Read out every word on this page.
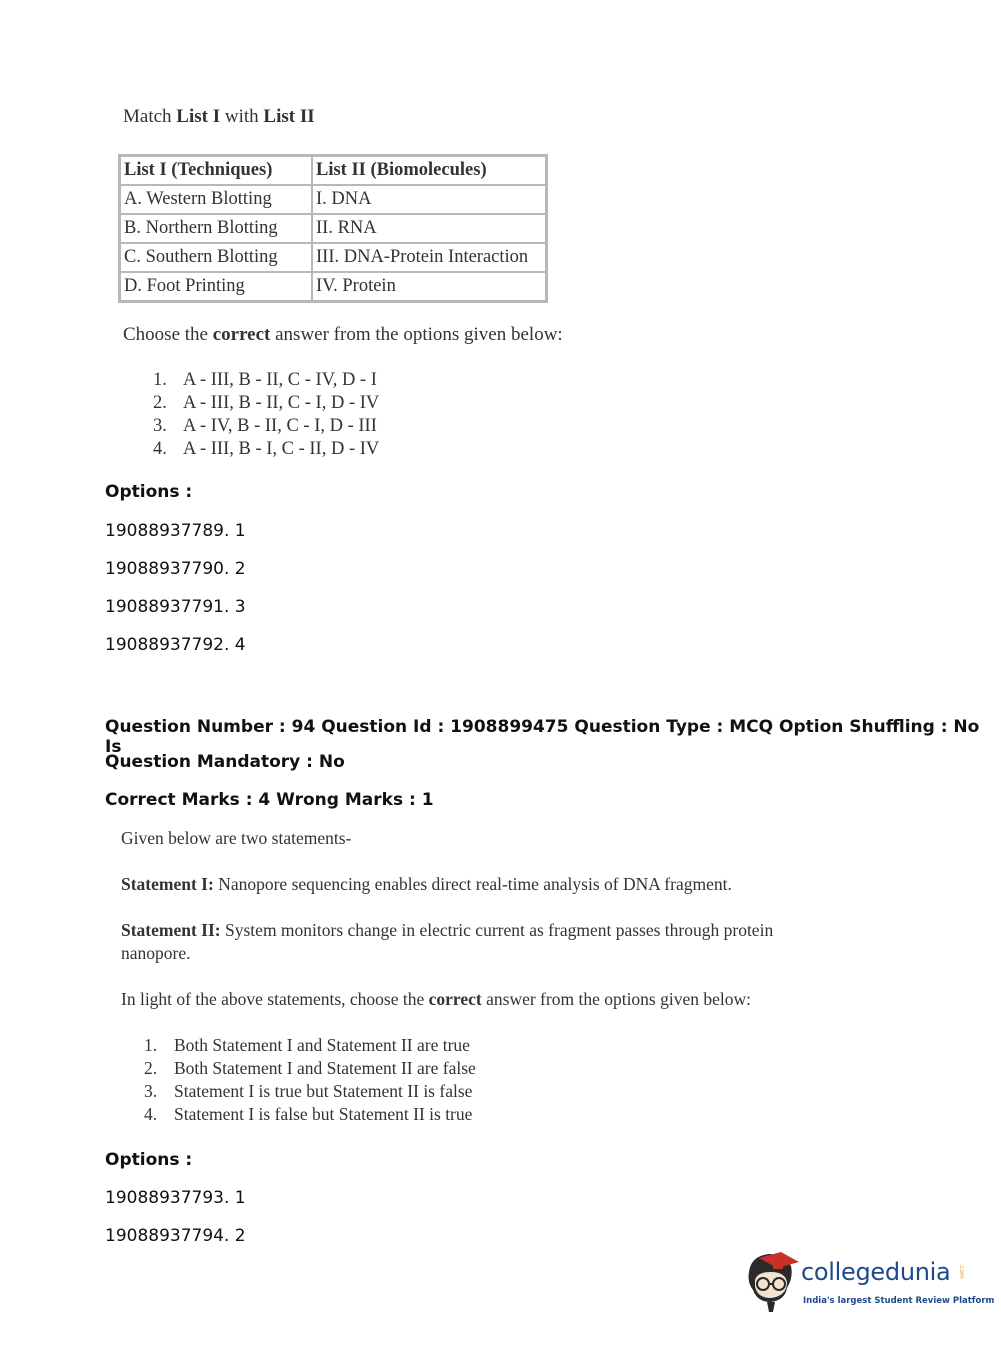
Match List I with List II
List I (Techniques)	List II (Biomolecules)
A. Western Blotting	I. DNA
B. Northern Blotting	II. RNA
C. Southern Blotting	III. DNA-Protein Interaction
D. Foot Printing	IV. Protein
Choose the correct answer from the options given below:
1. A - III, B - II, C - IV, D - I
2. A - III, B - II, C - I, D - IV
3. A - IV, B - II, C - I, D - III
4. A - III, B - I, C - II, D - IV
Options :
19088937789. 1
19088937790. 2
19088937791. 3
19088937792. 4
Question Number : 94 Question Id : 1908899475 Question Type : MCQ Option Shuffling : No Is
Question Mandatory : No
Correct Marks : 4 Wrong Marks : 1
Given below are two statements-
Statement I: Nanopore sequencing enables direct real-time analysis of DNA fragment.
Statement II: System monitors change in electric current as fragment passes through protein
nanopore.
In light of the above statements, choose the correct answer from the options given below:
1. Both Statement I and Statement II are true
2. Both Statement I and Statement II are false
3. Statement I is true but Statement II is false
4. Statement I is false but Statement II is true
Options :
19088937793. 1
19088937794. 2
collegedunia .com
India's largest Student Review Platform
